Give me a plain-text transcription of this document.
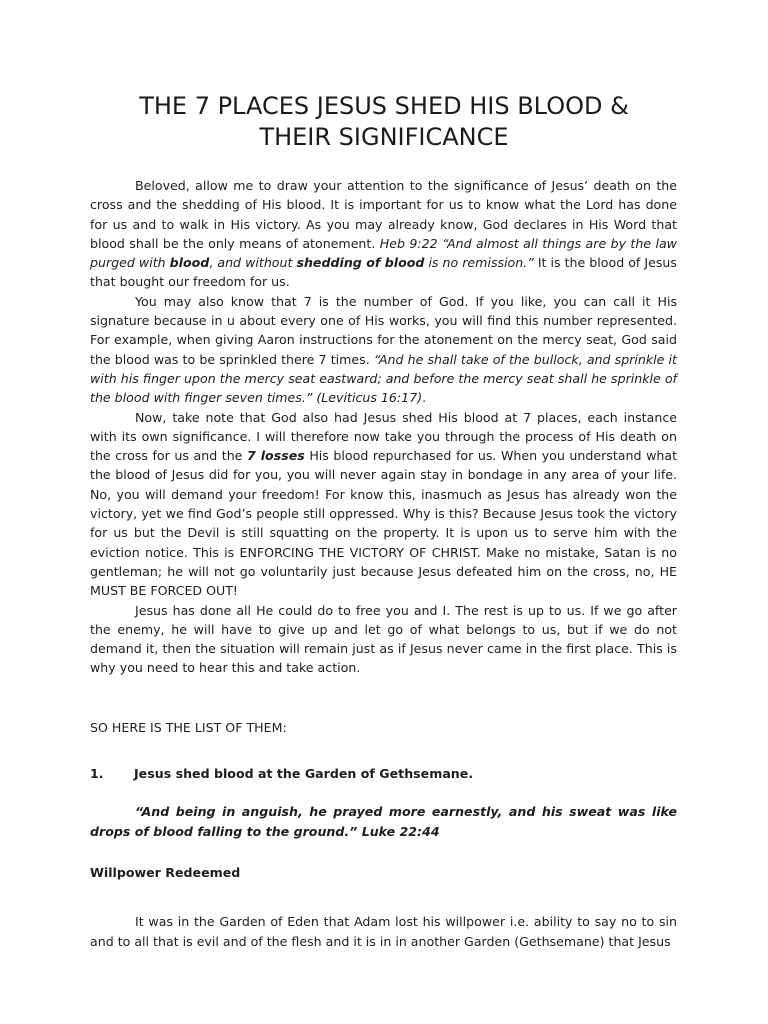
THE 7 PLACES JESUS SHED HIS BLOOD &
THEIR SIGNIFICANCE

Beloved, allow me to draw your attention to the significance of Jesus’ death on the cross and the shedding of His blood. It is important for us to know what the Lord has done for us and to walk in His victory. As you may already know, God declares in His Word that blood shall be the only means of atonement. Heb 9:22 “And almost all things are by the law purged with blood, and without shedding of blood is no remission.” It is the blood of Jesus that bought our freedom for us.

You may also know that 7 is the number of God. If you like, you can call it His signature because in u about every one of His works, you will find this number represented. For example, when giving Aaron instructions for the atonement on the mercy seat, God said the blood was to be sprinkled there 7 times. “And he shall take of the bullock, and sprinkle it with his finger upon the mercy seat eastward; and before the mercy seat shall he sprinkle of the blood with finger seven times.” (Leviticus 16:17).

Now, take note that God also had Jesus shed His blood at 7 places, each instance with its own significance. I will therefore now take you through the process of His death on the cross for us and the 7 losses His blood repurchased for us. When you understand what the blood of Jesus did for you, you will never again stay in bondage in any area of your life. No, you will demand your freedom! For know this, inasmuch as Jesus has already won the victory, yet we find God’s people still oppressed. Why is this? Because Jesus took the victory for us but the Devil is still squatting on the property. It is upon us to serve him with the eviction notice. This is ENFORCING THE VICTORY OF CHRIST. Make no mistake, Satan is no gentleman; he will not go voluntarily just because Jesus defeated him on the cross, no, HE MUST BE FORCED OUT!

Jesus has done all He could do to free you and I. The rest is up to us. If we go after the enemy, he will have to give up and let go of what belongs to us, but if we do not demand it, then the situation will remain just as if Jesus never came in the first place. This is why you need to hear this and take action.

SO HERE IS THE LIST OF THEM:

1.	Jesus shed blood at the Garden of Gethsemane.

“And being in anguish, he prayed more earnestly, and his sweat was like drops of blood falling to the ground.” Luke 22:44

Willpower Redeemed

It was in the Garden of Eden that Adam lost his willpower i.e. ability to say no to sin and to all that is evil and of the flesh and it is in in another Garden (Gethsemane) that Jesus
